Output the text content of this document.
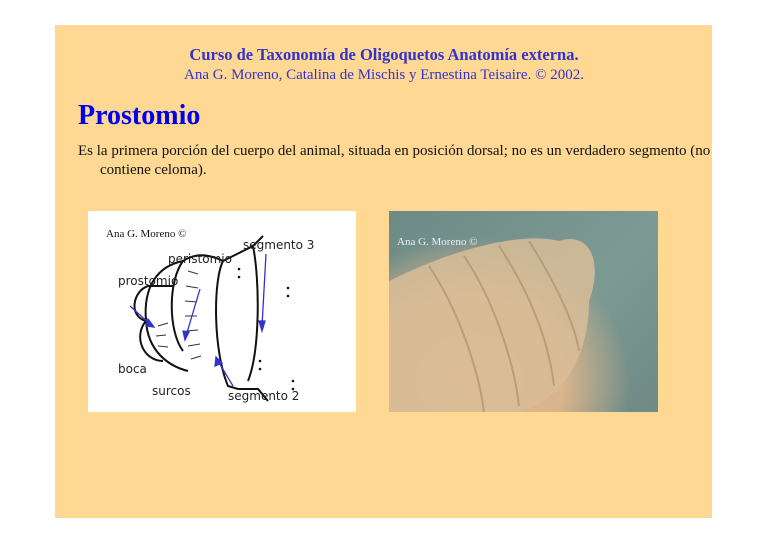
Curso de Taxonomía de Oligoquetos Anatomía externa.
Ana G. Moreno, Catalina de Mischis y Ernestina Teisaire. © 2002.
Prostomio
Es la primera porción del cuerpo del animal, situada en posición dorsal; no es un verdadero segmento (no contiene celoma).
Ana G. Moreno ©
segmento 3
peristomio
prostomio
boca
surcos	segmento 2
Ana G. Moreno ©
